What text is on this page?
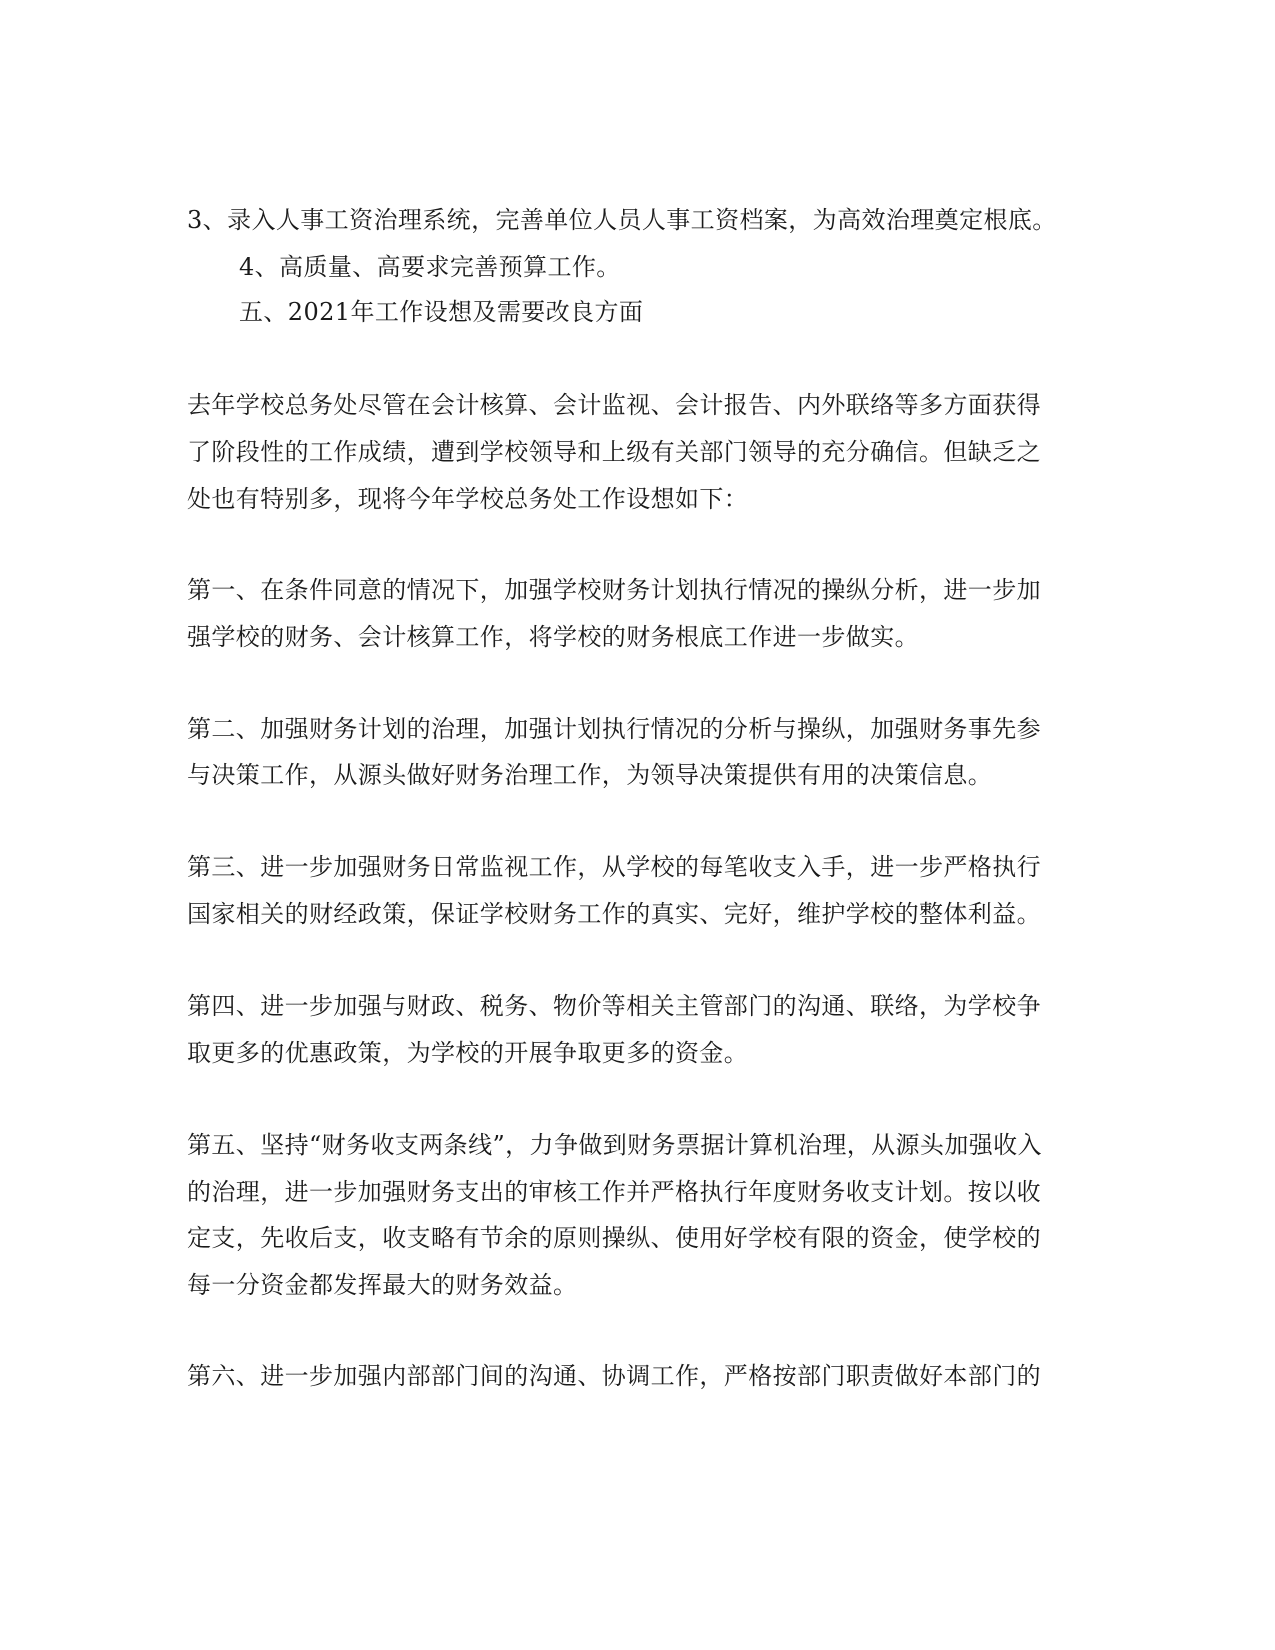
3、录入人事工资治理系统，完善单位人员人事工资档案，为高效治理奠定根底。
4、高质量、高要求完善预算工作。
五、2021年工作设想及需要改良方面
去年学校总务处尽管在会计核算、会计监视、会计报告、内外联络等多方面获得
了阶段性的工作成绩，遭到学校领导和上级有关部门领导的充分确信。但缺乏之
处也有特别多，现将今年学校总务处工作设想如下：
第一、在条件同意的情况下，加强学校财务计划执行情况的操纵分析，进一步加
强学校的财务、会计核算工作，将学校的财务根底工作进一步做实。
第二、加强财务计划的治理，加强计划执行情况的分析与操纵，加强财务事先参
与决策工作，从源头做好财务治理工作，为领导决策提供有用的决策信息。
第三、进一步加强财务日常监视工作，从学校的每笔收支入手，进一步严格执行
国家相关的财经政策，保证学校财务工作的真实、完好，维护学校的整体利益。
第四、进一步加强与财政、税务、物价等相关主管部门的沟通、联络，为学校争
取更多的优惠政策，为学校的开展争取更多的资金。
第五、坚持“财务收支两条线”，力争做到财务票据计算机治理，从源头加强收入
的治理，进一步加强财务支出的审核工作并严格执行年度财务收支计划。按以收
定支，先收后支，收支略有节余的原则操纵、使用好学校有限的资金，使学校的
每一分资金都发挥最大的财务效益。
第六、进一步加强内部部门间的沟通、协调工作，严格按部门职责做好本部门的
